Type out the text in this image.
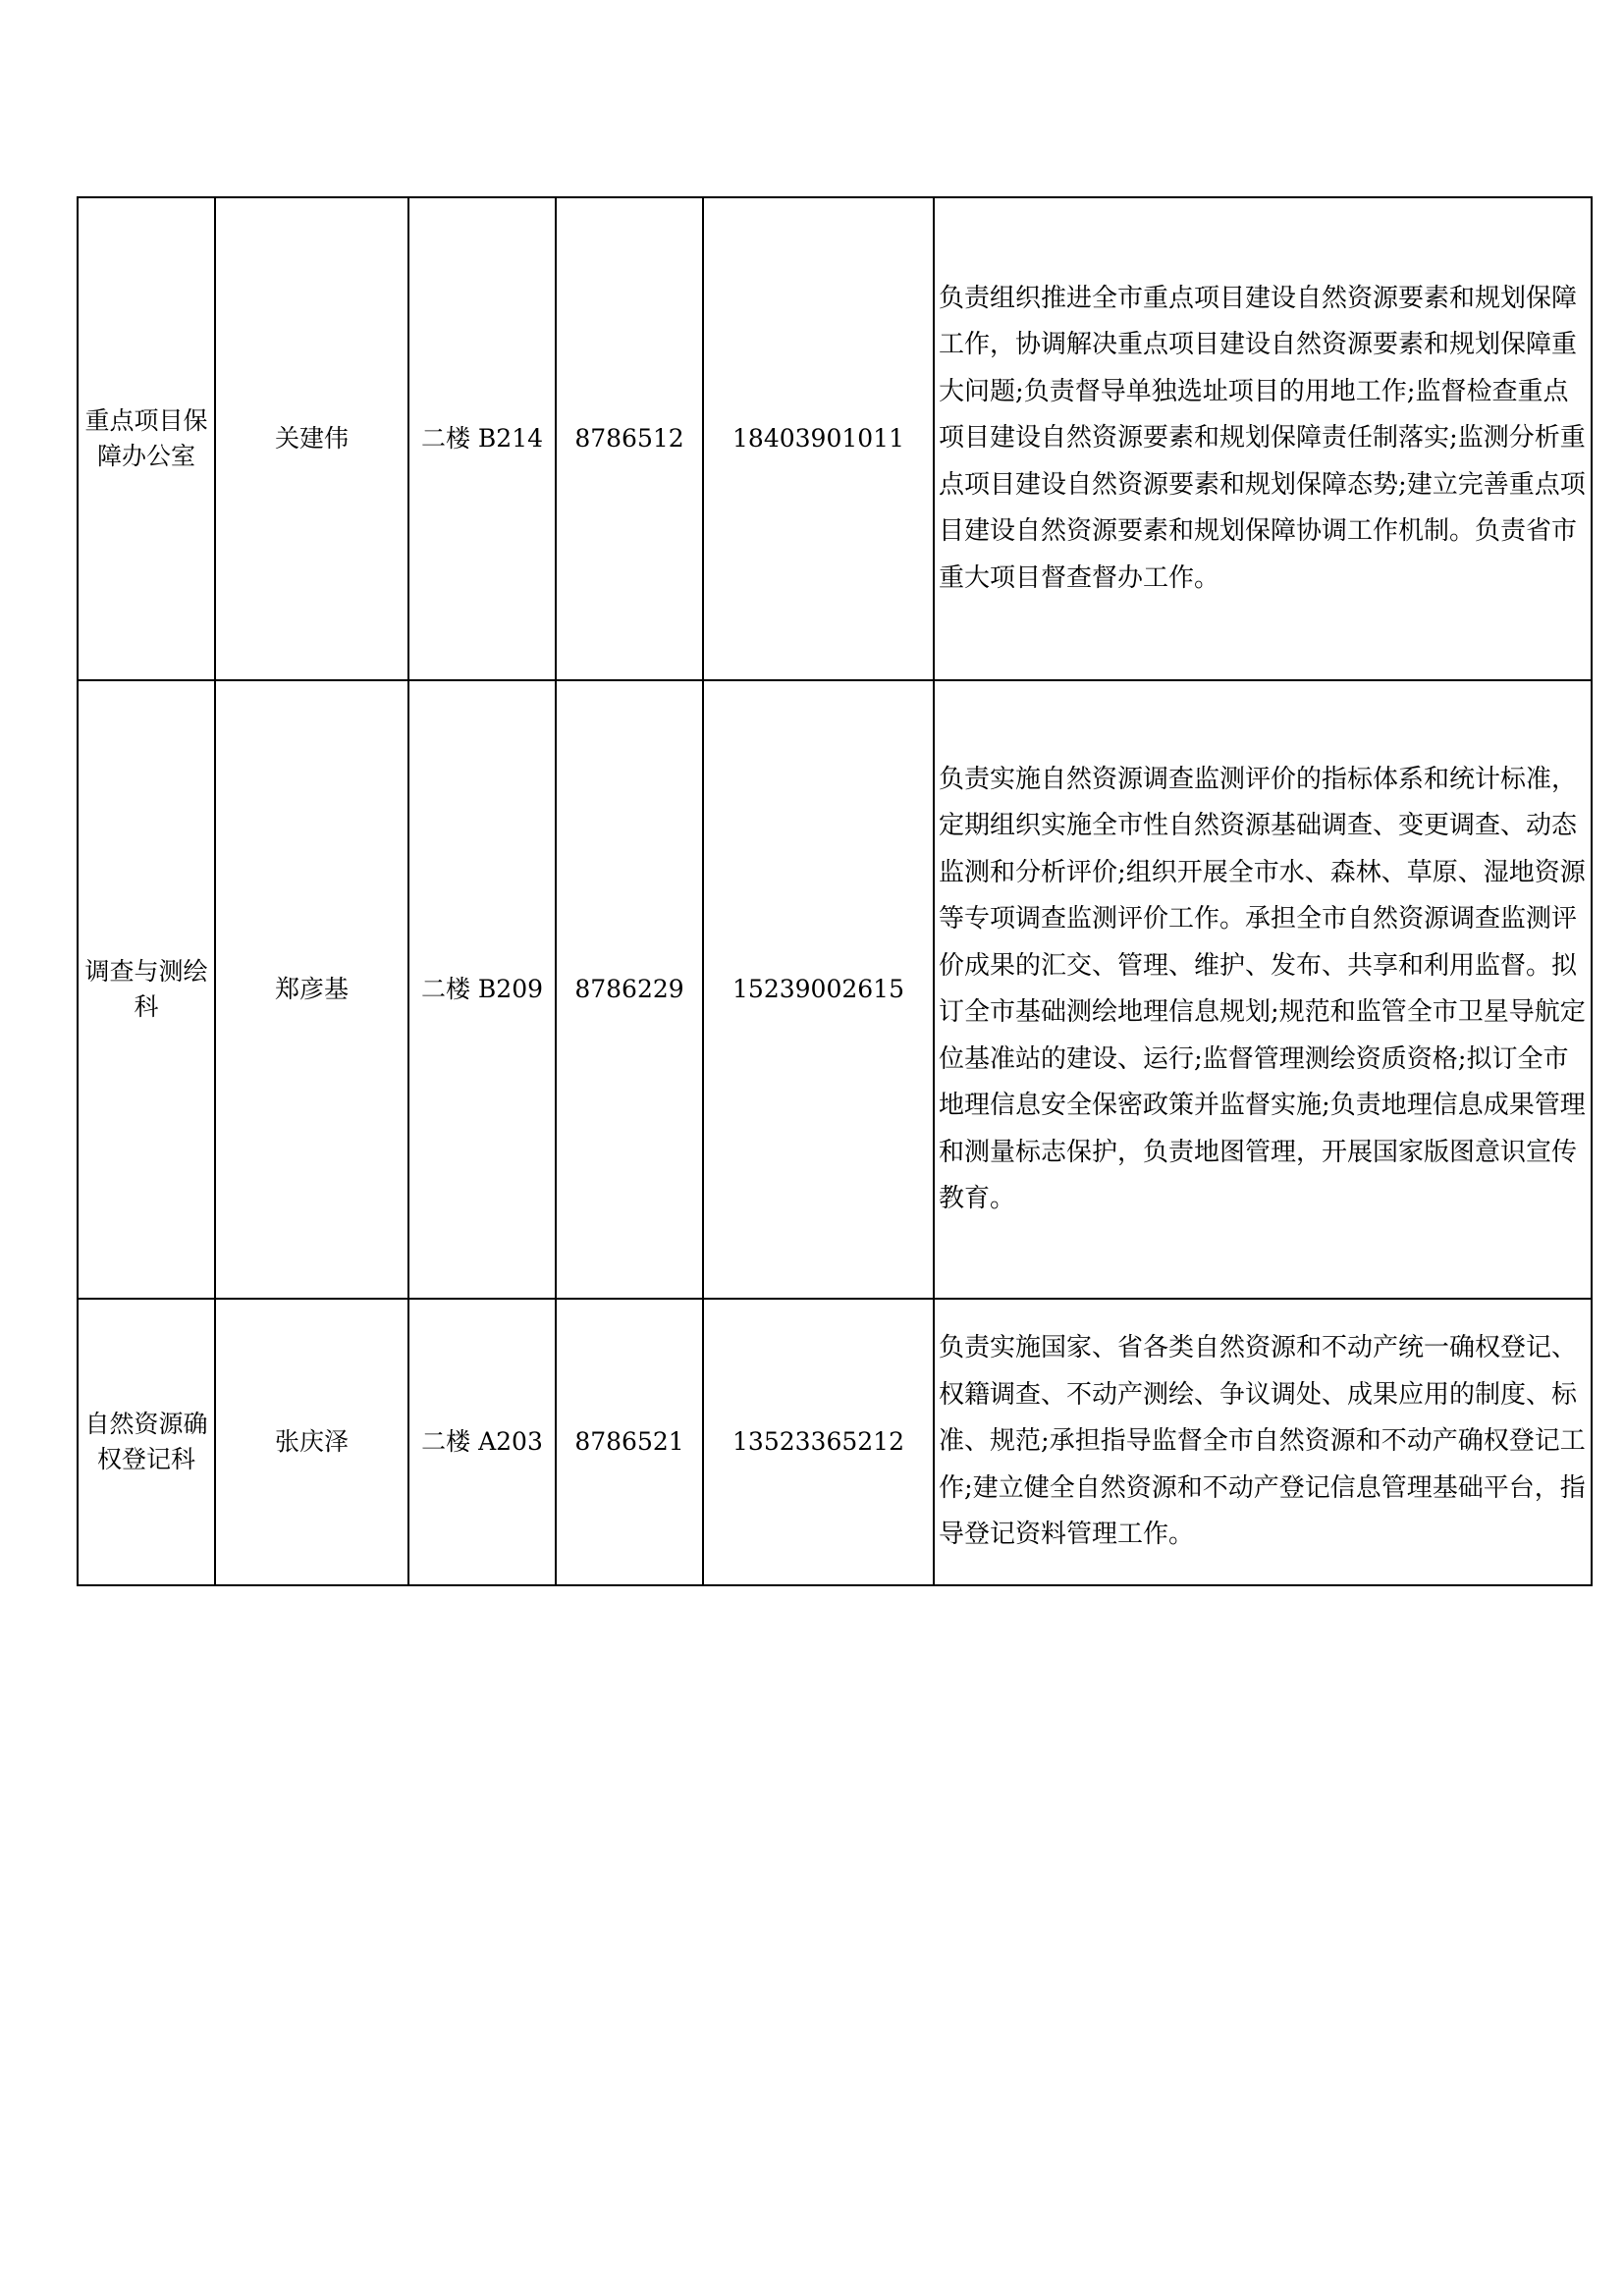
重点项目保障办公室	关建伟	二楼 B214	8786512	18403901011	负责组织推进全市重点项目建设自然资源要素和规划保障工作，协调解决重点项目建设自然资源要素和规划保障重大问题;负责督导单独选址项目的用地工作;监督检查重点项目建设自然资源要素和规划保障责任制落实;监测分析重点项目建设自然资源要素和规划保障态势;建立完善重点项目建设自然资源要素和规划保障协调工作机制。负责省市重大项目督查督办工作。
调查与测绘科	郑彦基	二楼 B209	8786229	15239002615	负责实施自然资源调查监测评价的指标体系和统计标准，定期组织实施全市性自然资源基础调查、变更调查、动态监测和分析评价;组织开展全市水、森林、草原、湿地资源等专项调查监测评价工作。承担全市自然资源调查监测评价成果的汇交、管理、维护、发布、共享和利用监督。拟订全市基础测绘地理信息规划;规范和监管全市卫星导航定位基准站的建设、运行;监督管理测绘资质资格;拟订全市地理信息安全保密政策并监督实施;负责地理信息成果管理和测量标志保护，负责地图管理，开展国家版图意识宣传教育。
自然资源确权登记科	张庆泽	二楼 A203	8786521	13523365212	负责实施国家、省各类自然资源和不动产统一确权登记、权籍调查、不动产测绘、争议调处、成果应用的制度、标准、规范;承担指导监督全市自然资源和不动产确权登记工作;建立健全自然资源和不动产登记信息管理基础平台，指导登记资料管理工作。
